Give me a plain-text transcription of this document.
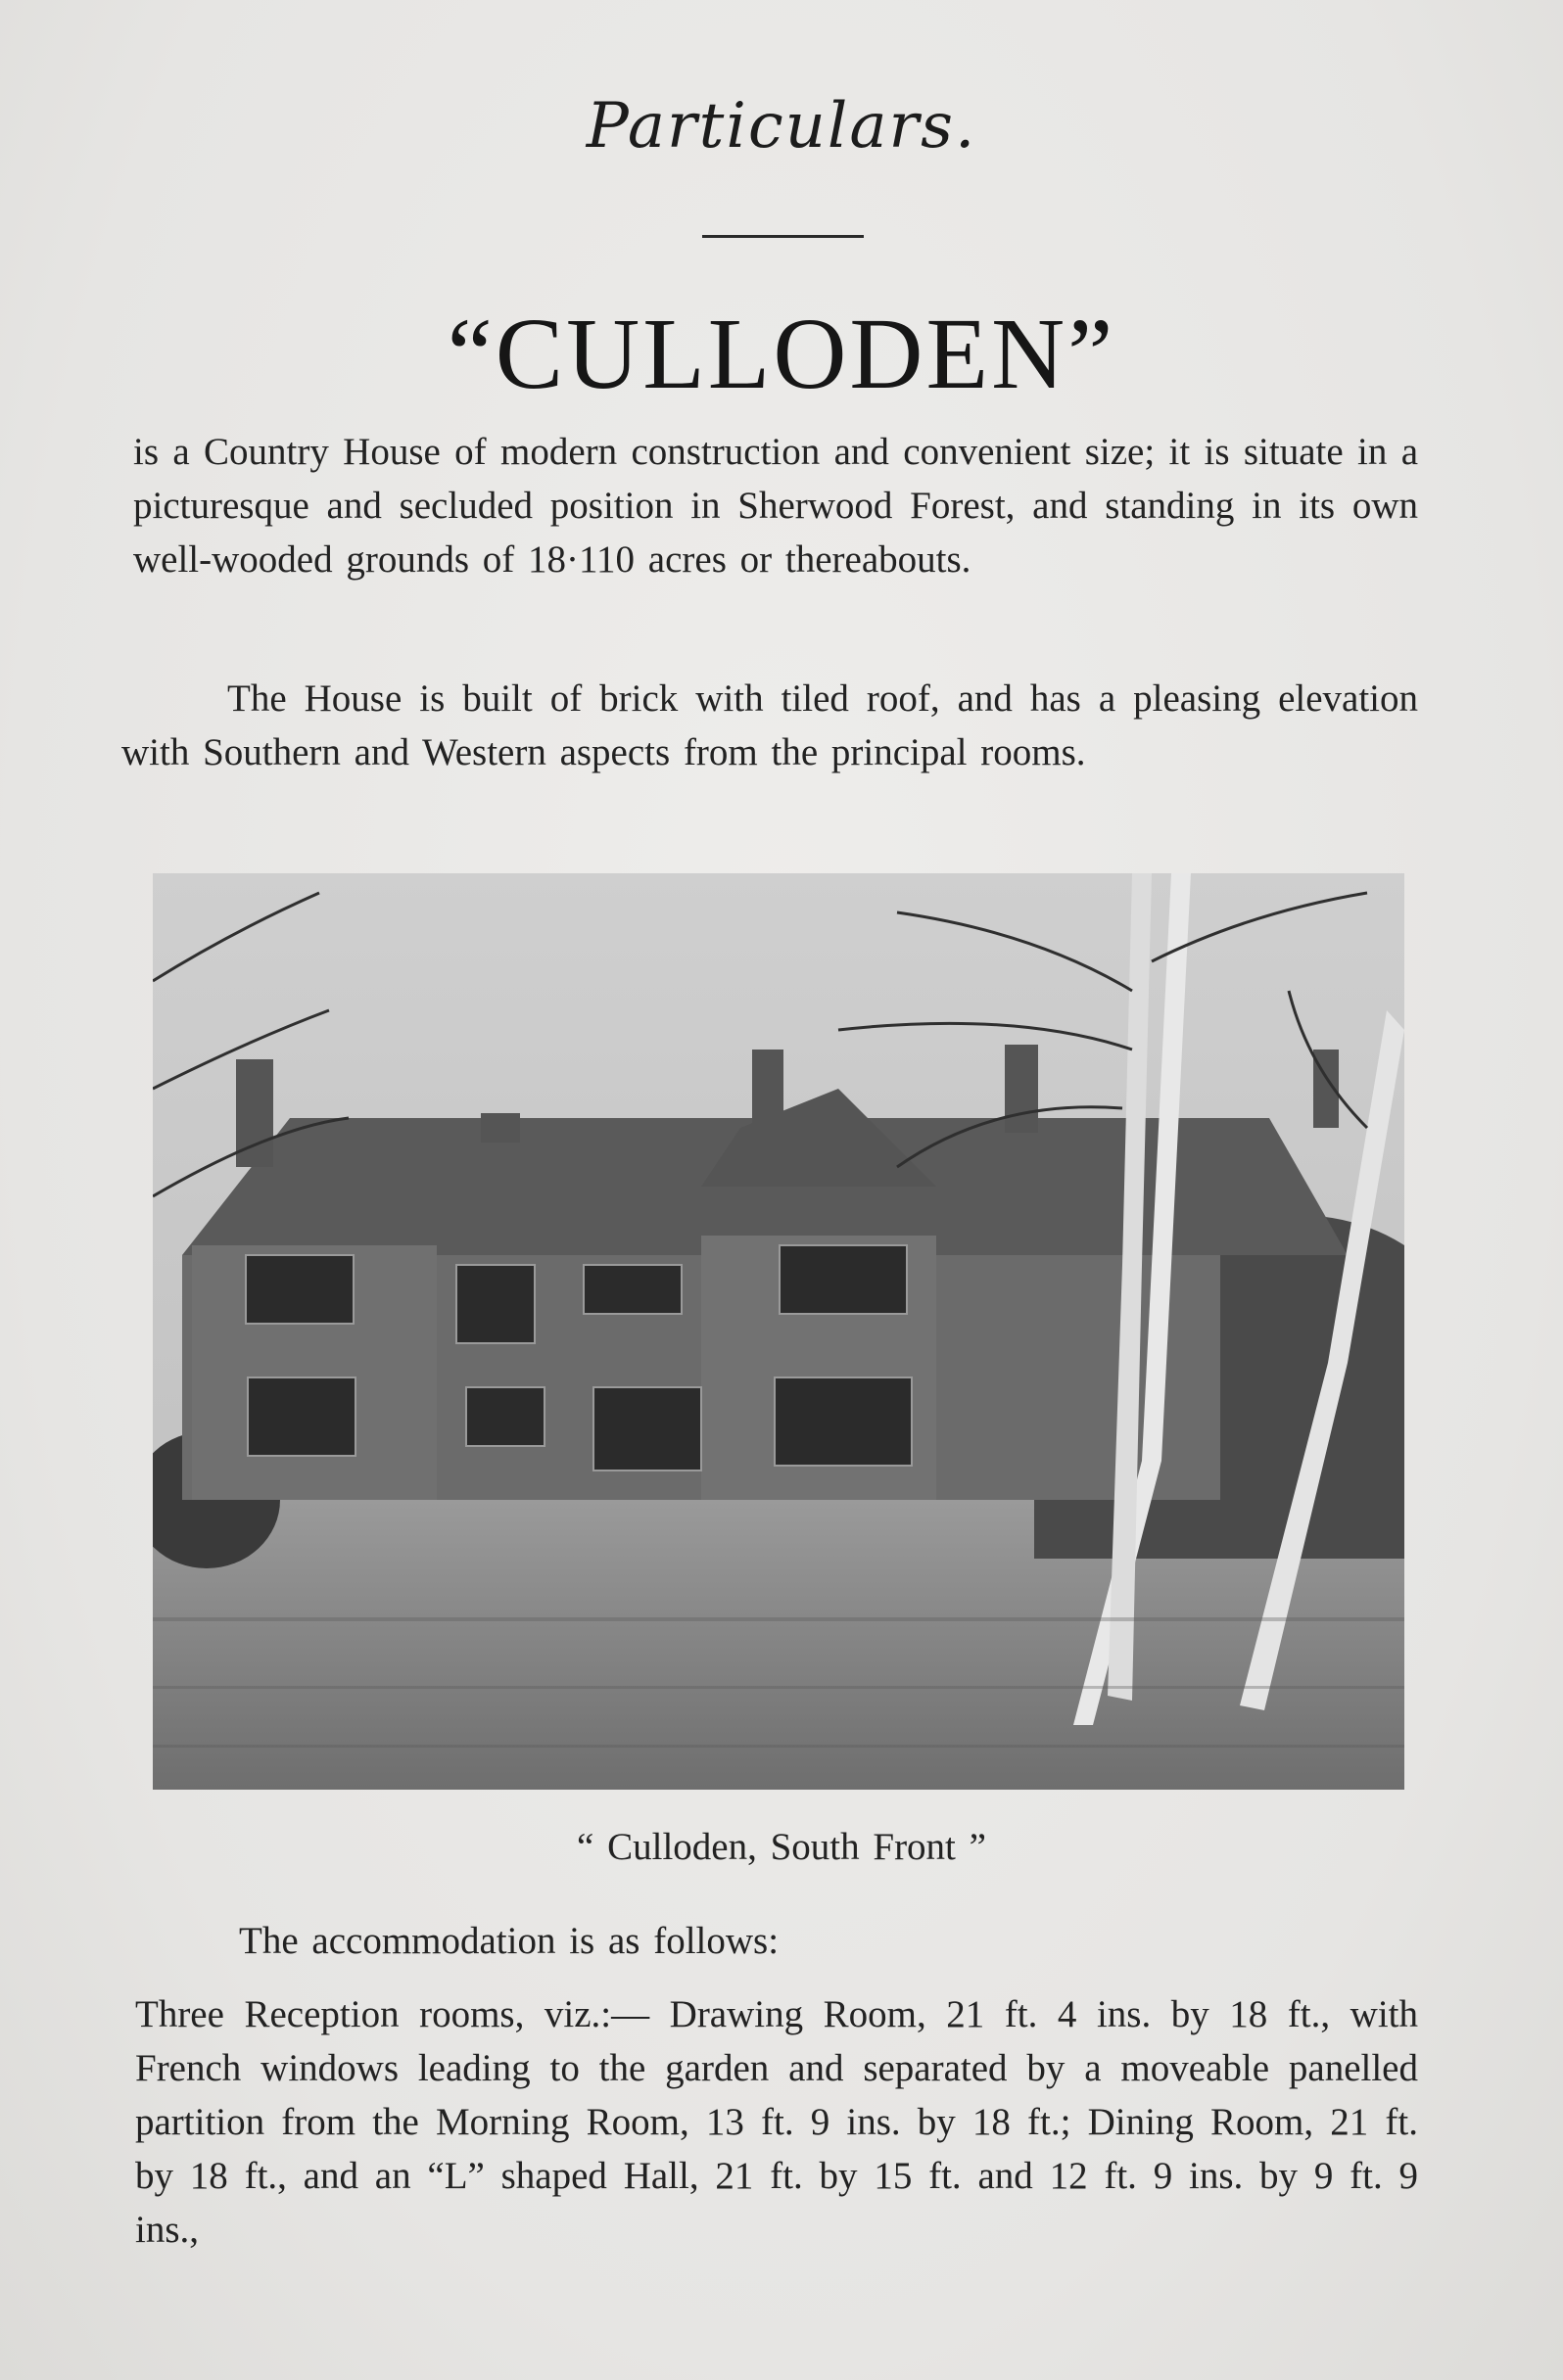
Particulars.
“CULLODEN”
is a Country House of modern construction and convenient size; it is situate in a picturesque and secluded position in Sherwood Forest, and standing in its own well-wooded grounds of 18·110 acres or thereabouts.
The House is built of brick with tiled roof, and has a pleasing elevation with Southern and Western aspects from the principal rooms.
“ Culloden, South Front ”
The accommodation is as follows:
Three Reception rooms, viz.:— Drawing Room, 21 ft. 4 ins. by 18 ft., with French windows leading to the garden and separated by a moveable panelled partition from the Morning Room, 13 ft. 9 ins. by 18 ft.; Dining Room, 21 ft. by 18 ft., and an “L” shaped Hall, 21 ft. by 15 ft. and 12 ft. 9 ins. by 9 ft. 9 ins.,
